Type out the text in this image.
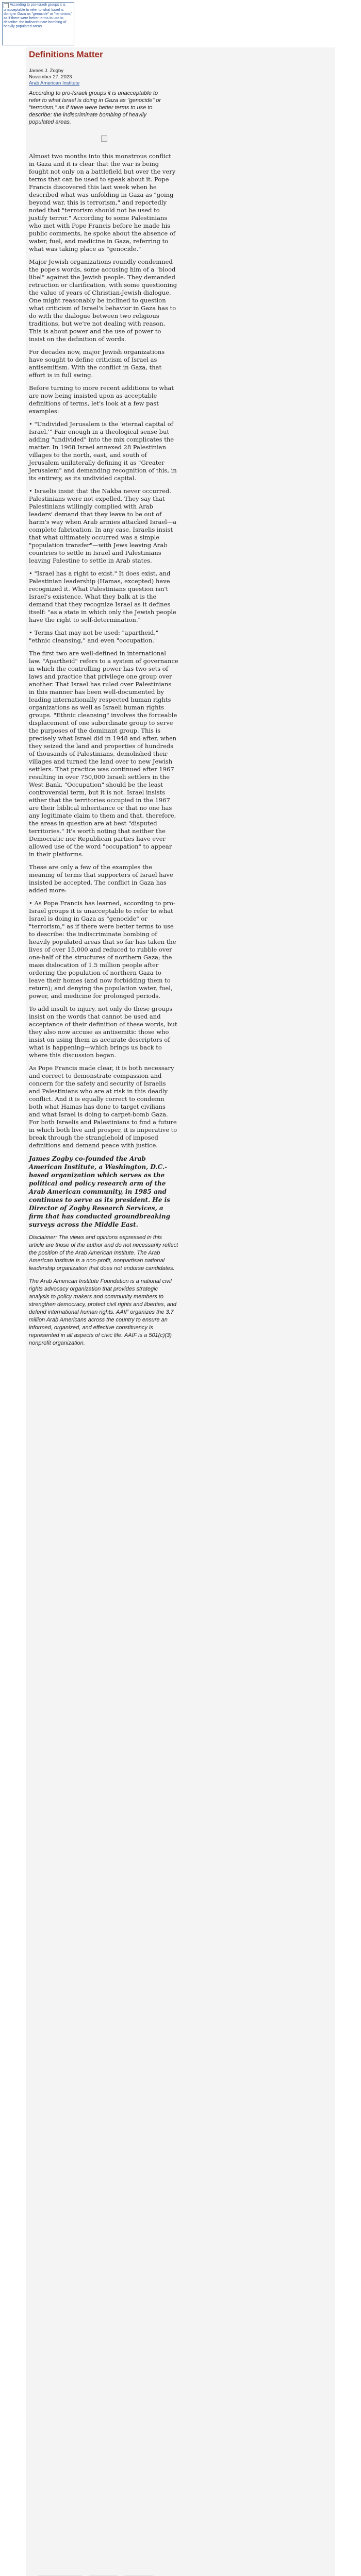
According to pro-Israeli groups it is unacceptable to refer to what Israel is doing in Gaza as "genocide" or "terrorism," as if there were better terms to use to describe: the indiscriminate bombing of heavily populated areas
Definitions Matter
James J. Zogby
November 27, 2023
Arab American Institute
According to pro-Israeli groups it is unacceptable to refer to what Israel is doing in Gaza as "genocide" or "terrorism," as if there were better terms to use to describe: the indiscriminate bombing of heavily populated areas.

Almost two months into this monstrous conflict in Gaza and it is clear that the war is being fought not only on a battlefield but over the very terms that can be used to speak about it. Pope Francis discovered this last week when he described what was unfolding in Gaza as "going beyond war, this is terrorism," and reportedly noted that "terrorism should not be used to justify terror." According to some Palestinians who met with Pope Francis before he made his public comments, he spoke about the absence of water, fuel, and medicine in Gaza, referring to what was taking place as "genocide."

Major Jewish organizations roundly condemned the pope's words, some accusing him of a "blood libel" against the Jewish people. They demanded retraction or clarification, with some questioning the value of years of Christian-Jewish dialogue. One might reasonably be inclined to question what criticism of Israel's behavior in Gaza has to do with the dialogue between two religious traditions, but we're not dealing with reason. This is about power and the use of power to insist on the definition of words.

For decades now, major Jewish organizations have sought to define criticism of Israel as antisemitism. With the conflict in Gaza, that effort is in full swing.

Before turning to more recent additions to what are now being insisted upon as acceptable definitions of terms, let's look at a few past examples:

• "Undivided Jerusalem is the 'eternal capital of Israel.'" Fair enough in a theological sense but adding "undivided" into the mix complicates the matter. In 1968 Israel annexed 28 Palestinian villages to the north, east, and south of Jerusalem unilaterally defining it as "Greater Jerusalem" and demanding recognition of this, in its entirety, as its undivided capital.

• Israelis insist that the Nakba never occurred. Palestinians were not expelled. They say that Palestinians willingly complied with Arab leaders' demand that they leave to be out of harm's way when Arab armies attacked Israel—a complete fabrication. In any case, Israelis insist that what ultimately occurred was a simple "population transfer"—with Jews leaving Arab countries to settle in Israel and Palestinians leaving Palestine to settle in Arab states.

• "Israel has a right to exist." It does exist, and Palestinian leadership (Hamas, excepted) have recognized it. What Palestinians question isn't Israel's existence. What they balk at is the demand that they recognize Israel as it defines itself: "as a state in which only the Jewish people have the right to self-determination."

• Terms that may not be used: "apartheid," "ethnic cleansing," and even "occupation."

The first two are well-defined in international law. "Apartheid" refers to a system of governance in which the controlling power has two sets of laws and practice that privilege one group over another. That Israel has ruled over Palestinians in this manner has been well-documented by leading internationally respected human rights organizations as well as Israeli human rights groups. "Ethnic cleansing" involves the forceable displacement of one subordinate group to serve the purposes of the dominant group. This is precisely what Israel did in 1948 and after, when they seized the land and properties of hundreds of thousands of Palestinians, demolished their villages and turned the land over to new Jewish settlers. That practice was continued after 1967 resulting in over 750,000 Israeli settlers in the West Bank. "Occupation" should be the least controversial term, but it is not. Israel insists either that the territories occupied in the 1967 are their biblical inheritance or that no one has any legitimate claim to them and that, therefore, the areas in question are at best "disputed territories." It's worth noting that neither the Democratic nor Republican parties have ever allowed use of the word "occupation" to appear in their platforms.

These are only a few of the examples the meaning of terms that supporters of Israel have insisted be accepted. The conflict in Gaza has added more:

• As Pope Francis has learned, according to pro-Israel groups it is unacceptable to refer to what Israel is doing in Gaza as "genocide" or "terrorism," as if there were better terms to use to describe: the indiscriminate bombing of heavily populated areas that so far has taken the lives of over 15,000 and reduced to rubble over one-half of the structures of northern Gaza; the mass dislocation of 1.5 million people after ordering the population of northern Gaza to leave their homes (and now forbidding them to return); and denying the population water, fuel, power, and medicine for prolonged periods.

To add insult to injury, not only do these groups insist on the words that cannot be used and acceptance of their definition of these words, but they also now accuse as antisemitic those who insist on using them as accurate descriptors of what is happening—which brings us back to where this discussion began.

As Pope Francis made clear, it is both necessary and correct to demonstrate compassion and concern for the safety and security of Israelis and Palestinians who are at risk in this deadly conflict. And it is equally correct to condemn both what Hamas has done to target civilians and what Israel is doing to carpet-bomb Gaza. For both Israelis and Palestinians to find a future in which both live and prosper, it is imperative to break through the stranglehold of imposed definitions and demand peace with justice.

James Zogby co-founded the Arab American Institute, a Washington, D.C.-based organization which serves as the political and policy research arm of the Arab American community, in 1985 and continues to serve as its president. He is Director of Zogby Research Services, a firm that has conducted groundbreaking surveys across the Middle East.

Disclaimer: The views and opinions expressed in this article are those of the author and do not necessarily reflect the position of the Arab American Institute. The Arab American Institute is a non-profit, nonpartisan national leadership organization that does not endorse candidates.

The Arab American Institute Foundation is a national civil rights advocacy organization that provides strategic analysis to policy makers and community members to strengthen democracy, protect civil rights and liberties, and defend international human rights. AAIF organizes the 3.7 million Arab Americans across the country to ensure an informed, organized, and effective constituency is represented in all aspects of civic life. AAIF is a 501(c)(3) nonprofit organization.
